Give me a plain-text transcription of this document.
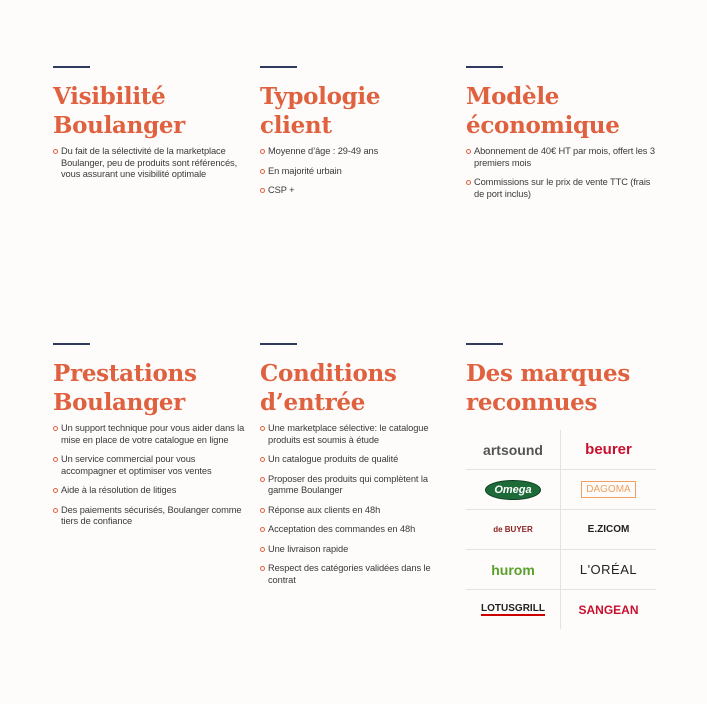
Visibilité Boulanger
Du fait de la sélectivité de la marketplace Boulanger, peu de produits sont référencés, vous assurant une visibilité optimale
Typologie client
Moyenne d’âge : 29-49 ans
En majorité urbain
CSP +
Modèle économique
Abonnement de 40€ HT par mois, offert les 3 premiers mois
Commissions sur le prix de vente TTC (frais de port inclus)
Prestations Boulanger
Un support technique pour vous aider dans la mise en place de votre catalogue en ligne
Un service commercial pour vous accompagner et optimiser vos ventes
Aide à la résolution de litiges
Des paiements sécurisés, Boulanger comme tiers de confiance
Conditions d’entrée
Une marketplace sélective: le catalogue produits est soumis à étude
Un catalogue produits de qualité
Proposer des produits qui complètent la gamme Boulanger
Réponse aux clients en 48h
Acceptation des commandes en 48h
Une livraison rapide
Respect des catégories validées dans le contrat
Des marques reconnues
artsound	beurer
Omega	DAGOMA
de BUYER	E.ZICOM
hurom	L'ORÉAL
LOTUSGRILL	SANGEAN
